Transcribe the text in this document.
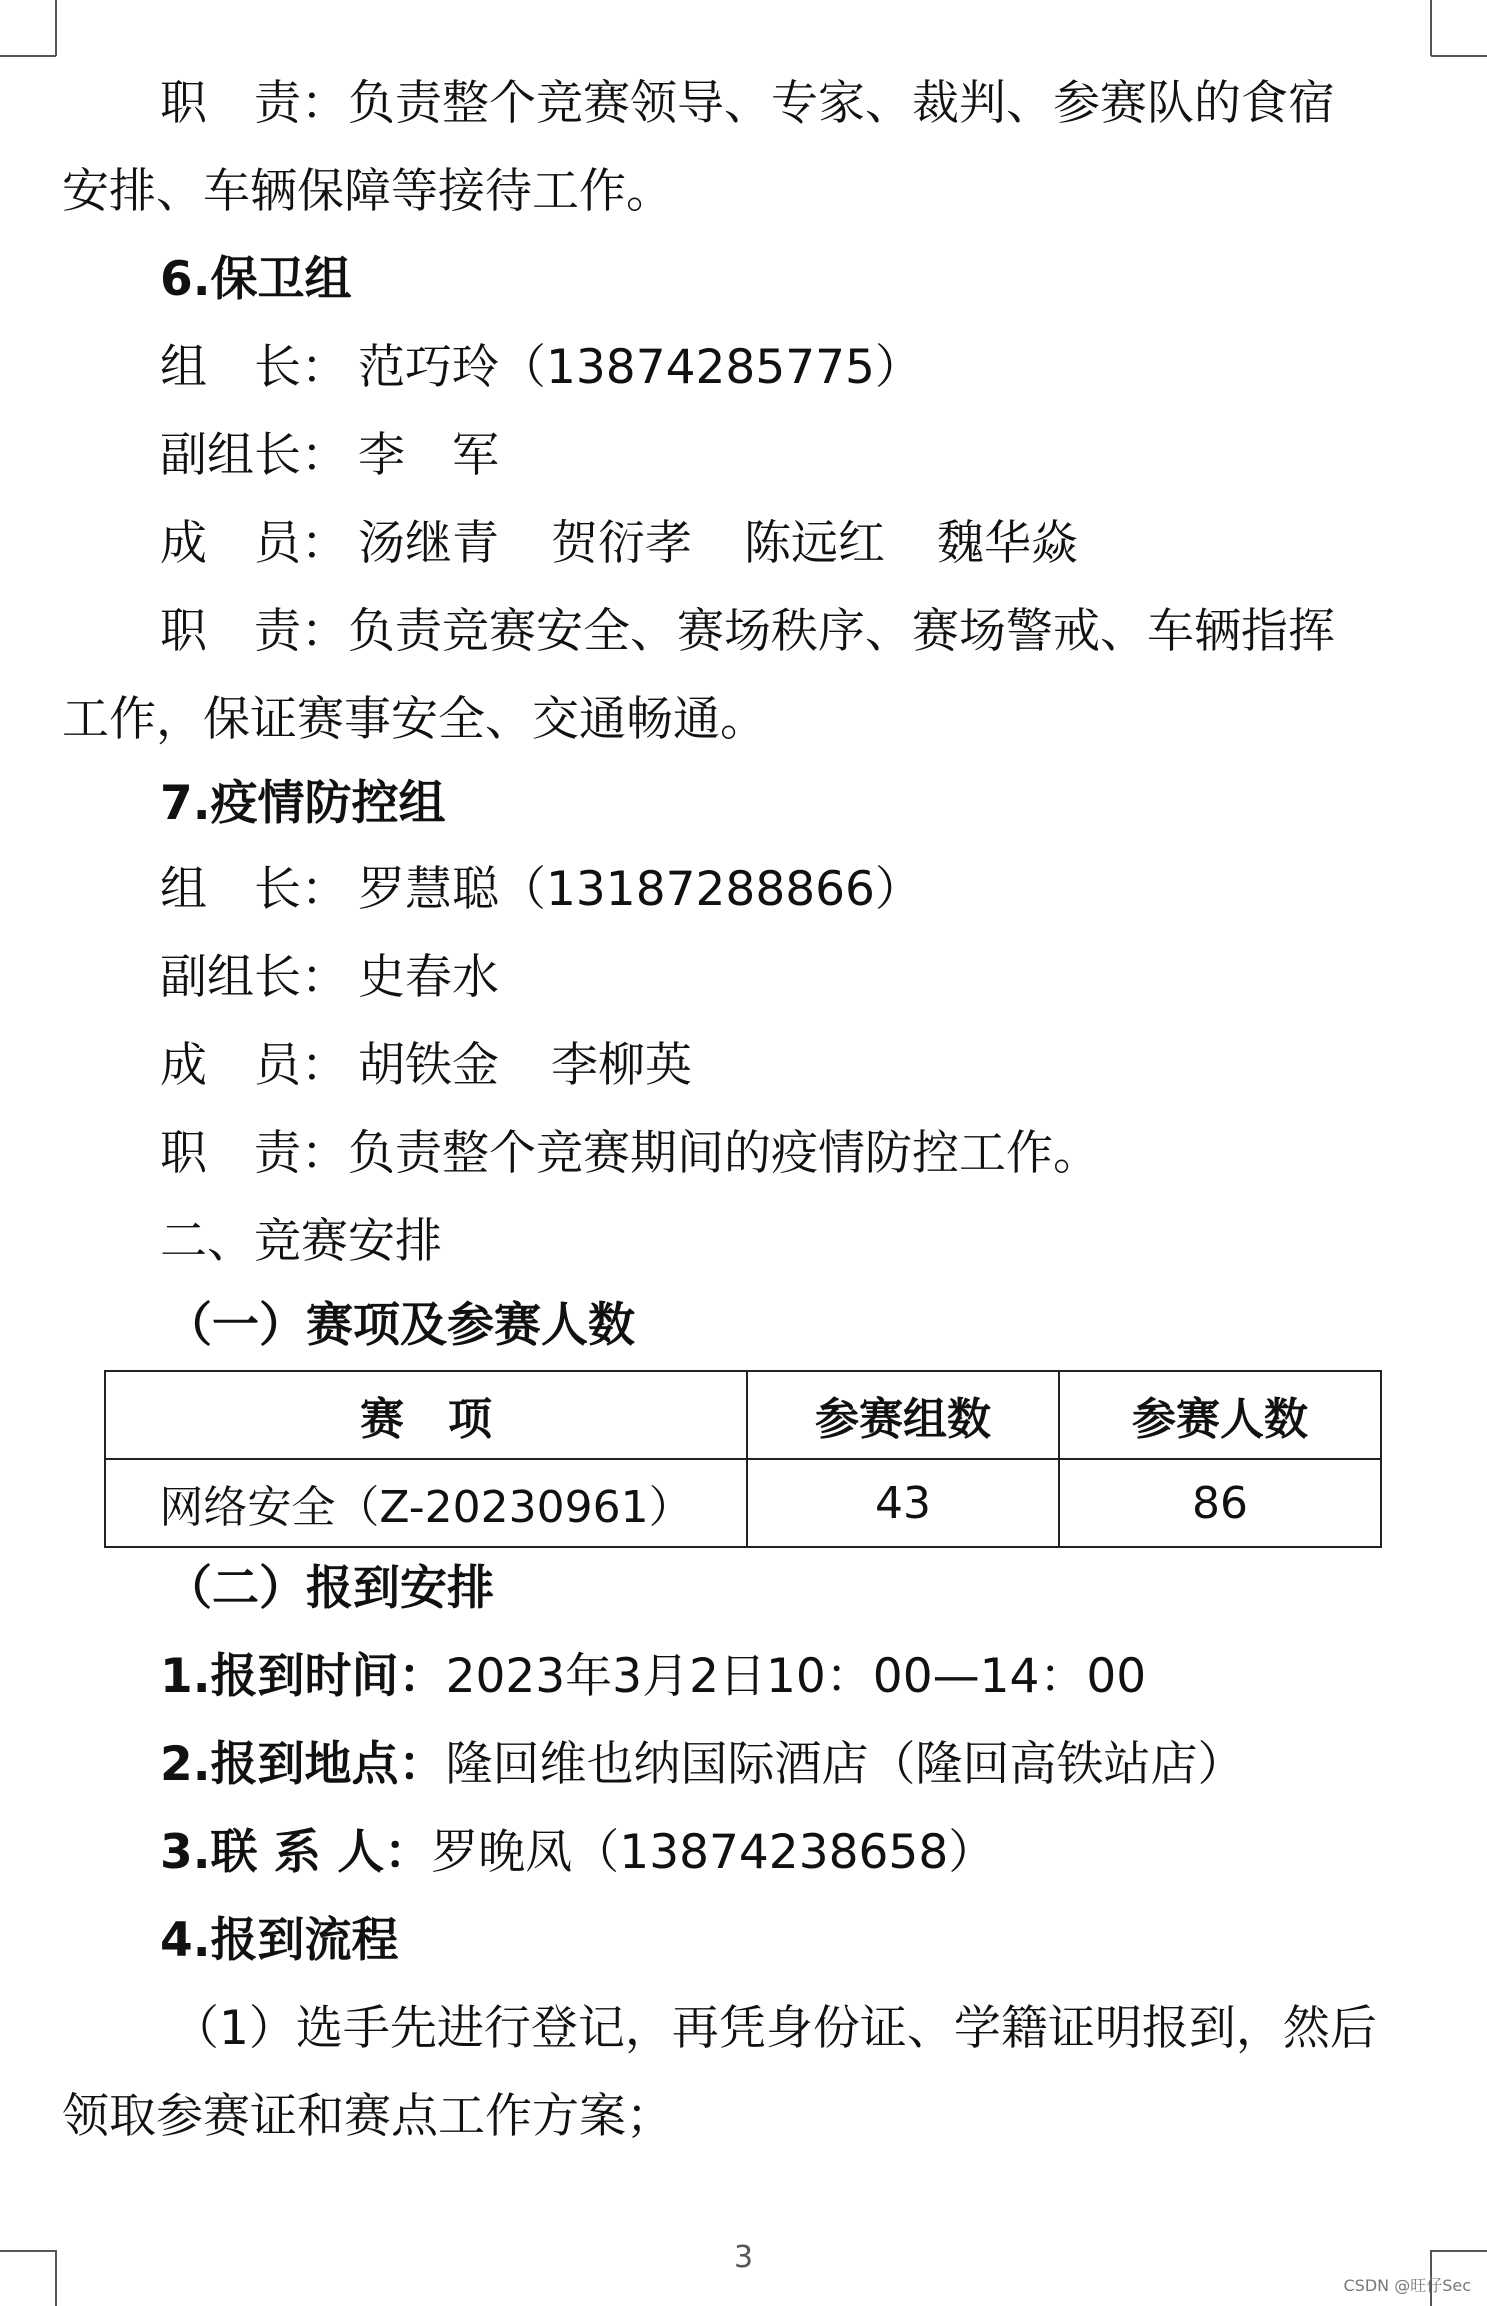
职　责：负责整个竞赛领导、专家、裁判、参赛队的食宿
安排、车辆保障等接待工作。
6.保卫组
组　长： 范巧玲（13874285775）
副组长： 李　军
成　员： 汤继青 贺衍孝 陈远红 魏华焱
职　责：负责竞赛安全、赛场秩序、赛场警戒、车辆指挥
工作，保证赛事安全、交通畅通。
7.疫情防控组
组　长： 罗慧聪（13187288866）
副组长： 史春水
成　员： 胡铁金 李柳英
职　责：负责整个竞赛期间的疫情防控工作。
二、竞赛安排
（一）赛项及参赛人数
赛　项	参赛组数	参赛人数
网络安全（Z-20230961）	43	86
（二）报到安排
1.报到时间：2023年3月2日10：00—14：00
2.报到地点：隆回维也纳国际酒店（隆回高铁站店）
3.联 系 人：罗晚凤（13874238658）
4.报到流程
（1）选手先进行登记，再凭身份证、学籍证明报到，然后
领取参赛证和赛点工作方案；
3
CSDN @旺仔Sec
